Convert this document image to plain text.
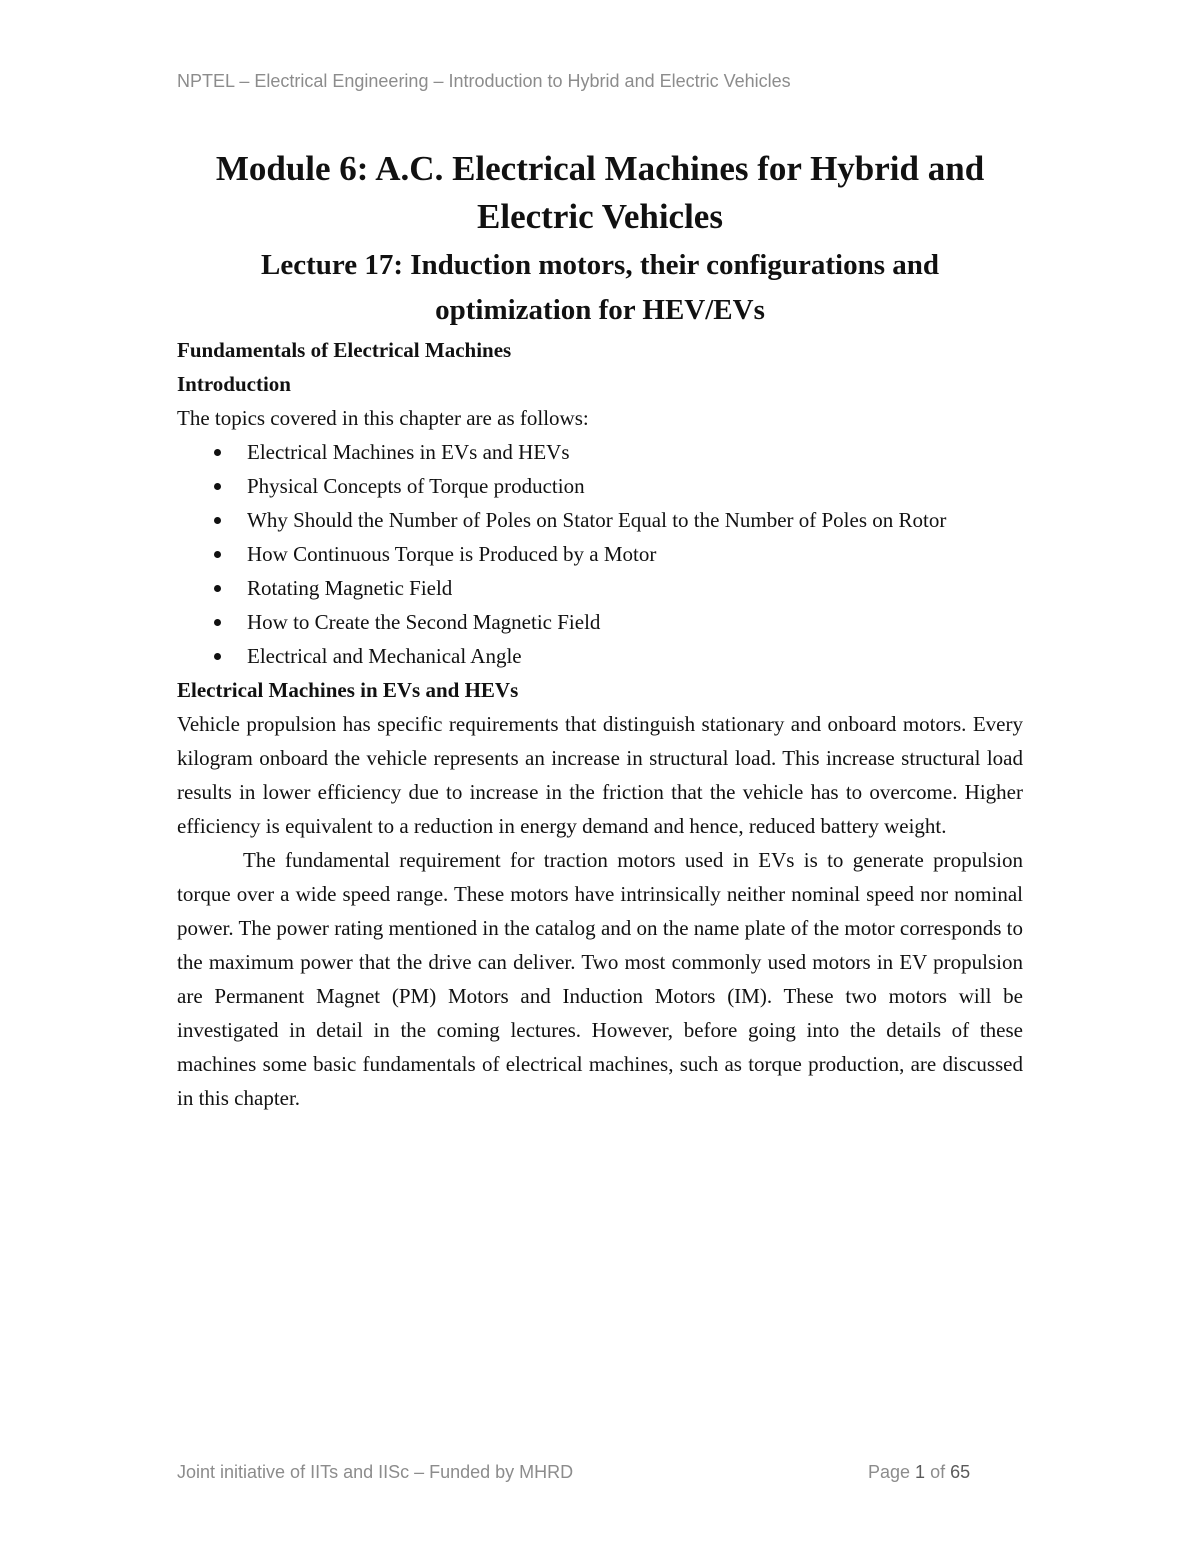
NPTEL – Electrical Engineering – Introduction to Hybrid and Electric Vehicles
Module 6: A.C. Electrical Machines for Hybrid and
Electric Vehicles
Lecture 17: Induction motors, their configurations and
optimization for HEV/EVs
Fundamentals of Electrical Machines
Introduction

The topics covered in this chapter are as follows:

Electrical Machines in EVs and HEVs
Physical Concepts of Torque production
Why Should the Number of Poles on Stator Equal to the Number of Poles on Rotor
How Continuous Torque is Produced by a Motor
Rotating Magnetic Field
How to Create the Second Magnetic Field
Electrical and Mechanical Angle
Electrical Machines in EVs and HEVs

Vehicle propulsion has specific requirements that distinguish stationary and onboard motors. Every kilogram onboard the vehicle represents an increase in structural load. This increase structural load results in lower efficiency due to increase in the friction that the vehicle has to overcome. Higher efficiency is equivalent to a reduction in energy demand and hence, reduced battery weight.

The fundamental requirement for traction motors used in EVs is to generate propulsion torque over a wide speed range. These motors have intrinsically neither nominal speed nor nominal power. The power rating mentioned in the catalog and on the name plate of the motor corresponds to the maximum power that the drive can deliver. Two most commonly used motors in EV propulsion are Permanent Magnet (PM) Motors and Induction Motors (IM). These two motors will be investigated in detail in the coming lectures. However, before going into the details of these machines some basic fundamentals of electrical machines, such as torque production, are discussed in this chapter.

Joint initiative of IITs and IISc – Funded by MHRD	Page 1 of 65
